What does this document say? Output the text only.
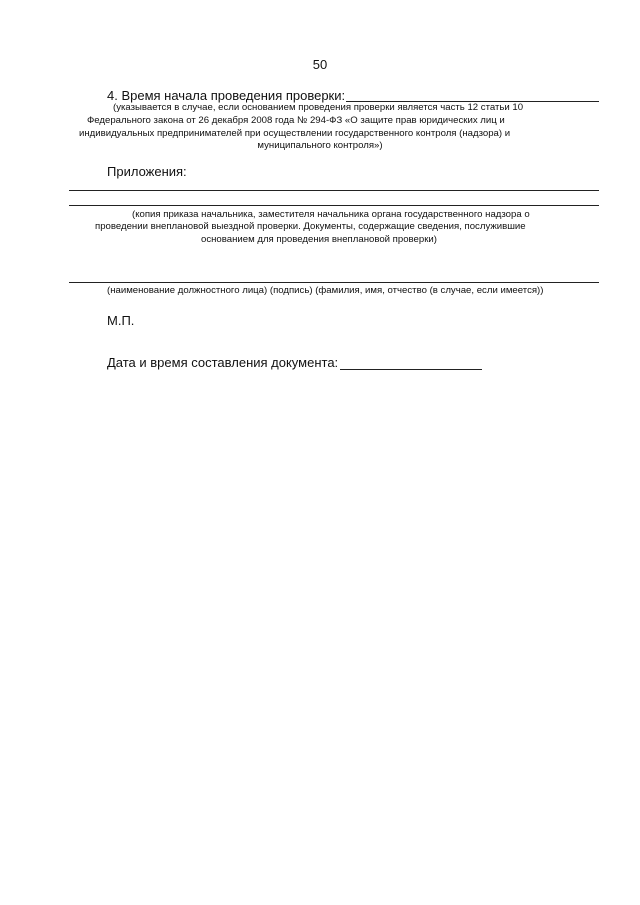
50
4. Время начала проведения проверки:
(указывается в случае, если основанием проведения проверки является часть 12 статьи 10
Федерального закона от 26 декабря 2008 года № 294-ФЗ «О защите прав юридических лиц и
индивидуальных предпринимателей при осуществлении государственного контроля (надзора) и
муниципального контроля»)
Приложения:
(копия приказа начальника, заместителя начальника органа государственного надзора о
проведении внеплановой выездной проверки. Документы, содержащие сведения, послужившие
основанием для проведения внеплановой проверки)
(наименование должностного лица) (подпись) (фамилия, имя, отчество (в случае, если имеется))
М.П.
Дата и время составления документа:
